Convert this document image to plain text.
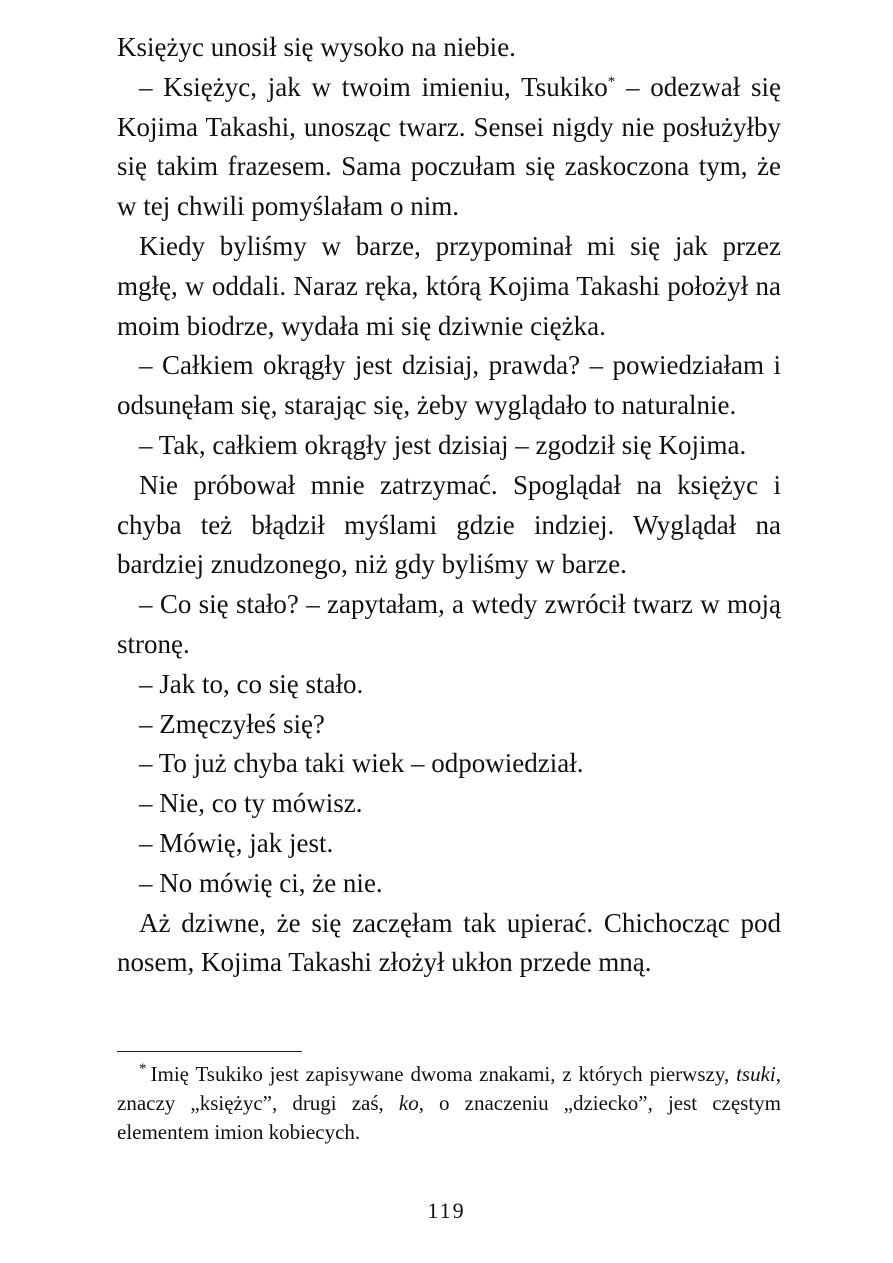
Księżyc unosił się wysoko na niebie.

– Księżyc, jak w twoim imieniu, Tsukiko* – odezwał się Kojima Takashi, unosząc twarz. Sensei nigdy nie posłużyłby się takim frazesem. Sama poczułam się zaskoczona tym, że w tej chwili pomyślałam o nim.

Kiedy byliśmy w barze, przypominał mi się jak przez mgłę, w oddali. Naraz ręka, którą Kojima Takashi położył na moim biodrze, wydała mi się dziwnie ciężka.

– Całkiem okrągły jest dzisiaj, prawda? – powiedziałam i odsunęłam się, starając się, żeby wyglądało to naturalnie.

– Tak, całkiem okrągły jest dzisiaj – zgodził się Kojima.

Nie próbował mnie zatrzymać. Spoglądał na księżyc i chyba też błądził myślami gdzie indziej. Wyglądał na bardziej znudzonego, niż gdy byliśmy w barze.

– Co się stało? – zapytałam, a wtedy zwrócił twarz w moją stronę.

– Jak to, co się stało.

– Zmęczyłeś się?

– To już chyba taki wiek – odpowiedział.

– Nie, co ty mówisz.

– Mówię, jak jest.

– No mówię ci, że nie.

Aż dziwne, że się zaczęłam tak upierać. Chichocząc pod nosem, Kojima Takashi złożył ukłon przede mną.

* Imię Tsukiko jest zapisywane dwoma znakami, z których pierwszy, tsuki, znaczy „księżyc”, drugi zaś, ko, o znaczeniu „dziecko”, jest częstym elementem imion kobiecych.

119
